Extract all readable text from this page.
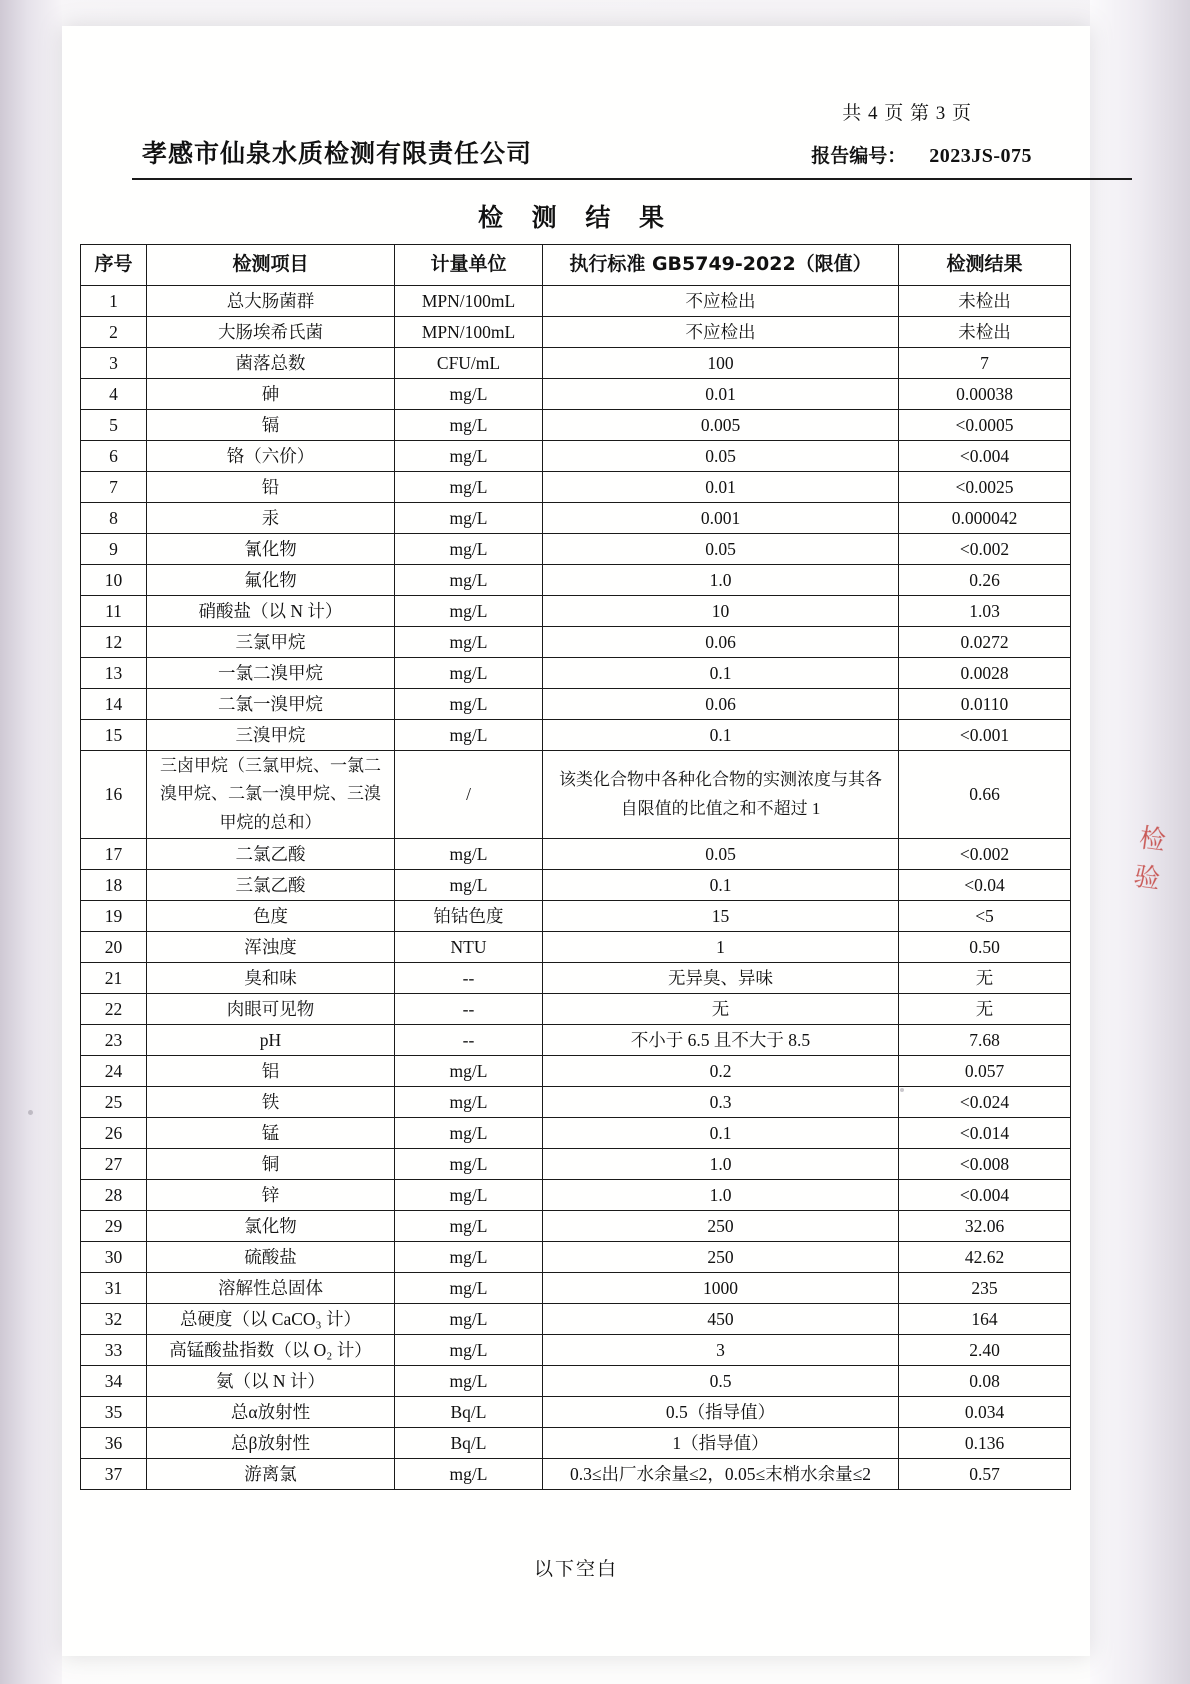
共 4 页 第 3 页
孝感市仙泉水质检测有限责任公司	报告编号： 2023JS-075
检 测 结 果
序号	检测项目	计量单位	执行标准 GB5749-2022（限值）	检测结果
1	总大肠菌群	MPN/100mL	不应检出	未检出
2	大肠埃希氏菌	MPN/100mL	不应检出	未检出
3	菌落总数	CFU/mL	100	7
4	砷	mg/L	0.01	0.00038
5	镉	mg/L	0.005	<0.0005
6	铬（六价）	mg/L	0.05	<0.004
7	铅	mg/L	0.01	<0.0025
8	汞	mg/L	0.001	0.000042
9	氰化物	mg/L	0.05	<0.002
10	氟化物	mg/L	1.0	0.26
11	硝酸盐（以 N 计）	mg/L	10	1.03
12	三氯甲烷	mg/L	0.06	0.0272
13	一氯二溴甲烷	mg/L	0.1	0.0028
14	二氯一溴甲烷	mg/L	0.06	0.0110
15	三溴甲烷	mg/L	0.1	<0.001
16	三卤甲烷（三氯甲烷、一氯二溴甲烷、二氯一溴甲烷、三溴甲烷的总和）	/	该类化合物中各种化合物的实测浓度与其各自限值的比值之和不超过 1	0.66
17	二氯乙酸	mg/L	0.05	<0.002
18	三氯乙酸	mg/L	0.1	<0.04
19	色度	铂钴色度	15	<5
20	浑浊度	NTU	1	0.50
21	臭和味	--	无异臭、异味	无
22	肉眼可见物	--	无	无
23	pH	--	不小于 6.5 且不大于 8.5	7.68
24	铝	mg/L	0.2	0.057
25	铁	mg/L	0.3	<0.024
26	锰	mg/L	0.1	<0.014
27	铜	mg/L	1.0	<0.008
28	锌	mg/L	1.0	<0.004
29	氯化物	mg/L	250	32.06
30	硫酸盐	mg/L	250	42.62
31	溶解性总固体	mg/L	1000	235
32	总硬度（以 CaCO₃ 计）	mg/L	450	164
33	高锰酸盐指数（以 O₂ 计）	mg/L	3	2.40
34	氨（以 N 计）	mg/L	0.5	0.08
35	总α放射性	Bq/L	0.5（指导值）	0.034
36	总β放射性	Bq/L	1（指导值）	0.136
37	游离氯	mg/L	0.3≤出厂水余量≤2，0.05≤末梢水余量≤2	0.57
以下空白
检
验
